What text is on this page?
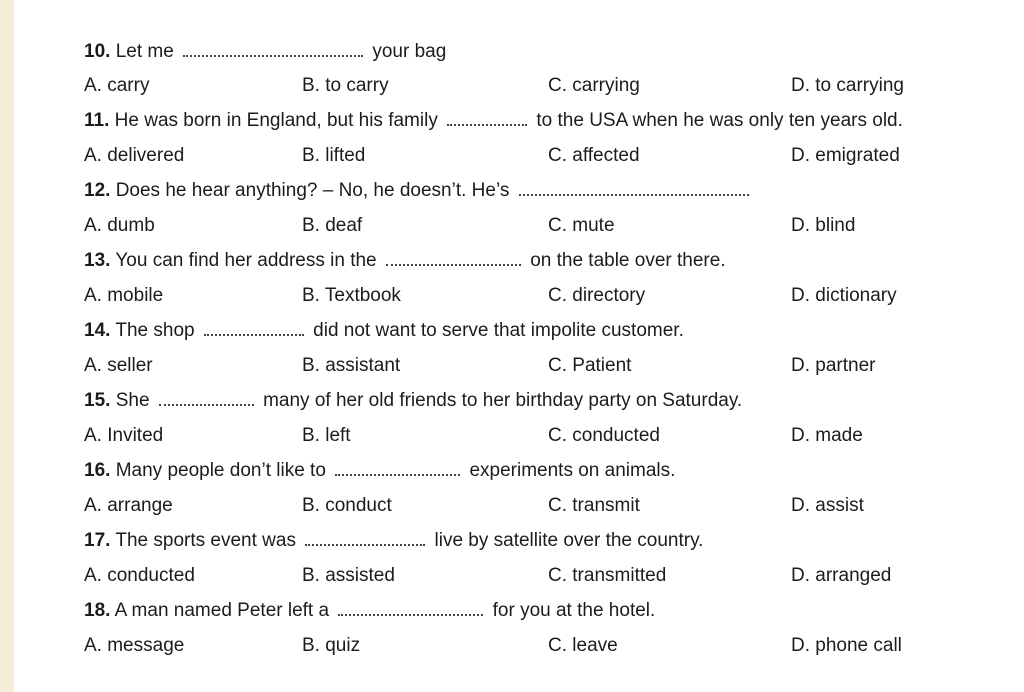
10. Let me	your bag
A. carry	B. to carry	C. carrying	D. to carrying
11. He was born in England, but his family	to the USA when he was only ten years old.
A. delivered	B. lifted	C. affected	D. emigrated
12. Does he hear anything? – No, he doesn’t. He’s
A. dumb	B. deaf	C. mute	D. blind
13. You can find her address in the	on the table over there.
A. mobile	B. Textbook	C. directory	D. dictionary
14. The shop	did not want to serve that impolite customer.
A. seller	B. assistant	C. Patient	D. partner
15. She	many of her old friends to her birthday party on Saturday.
A. Invited	B. left	C. conducted	D. made
16. Many people don’t like to	experiments on animals.
A. arrange	B. conduct	C. transmit	D. assist
17. The sports event was	live by satellite over the country.
A. conducted	B. assisted	C. transmitted	D. arranged
18. A man named Peter left a	for you at the hotel.
A. message	B. quiz	C. leave	D. phone call
